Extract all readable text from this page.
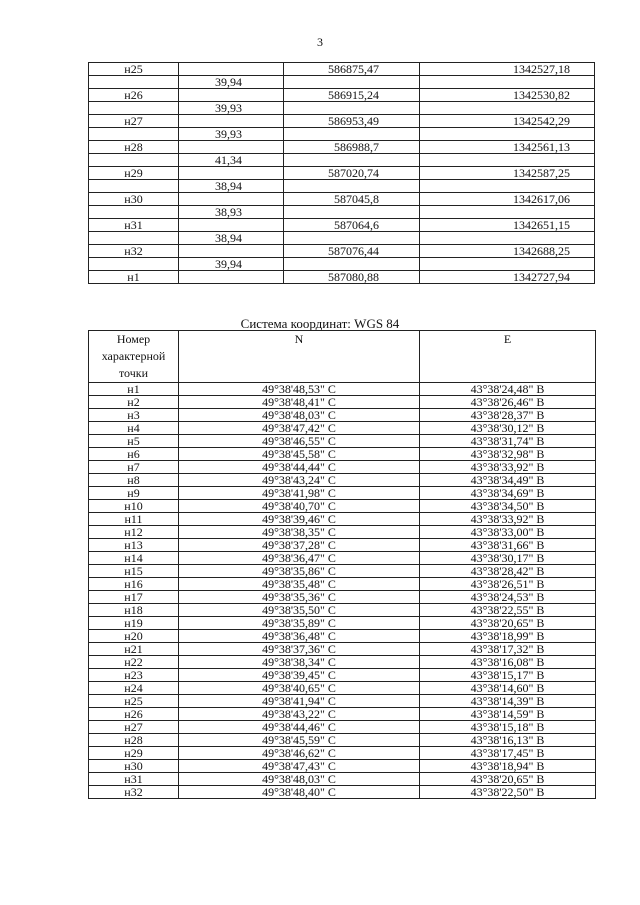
3
н25		586875,47	1342527,18
	39,94		
н26		586915,24	1342530,82
	39,93		
н27		586953,49	1342542,29
	39,93		
н28		586988,7	1342561,13
	41,34		
н29		587020,74	1342587,25
	38,94		
н30		587045,8	1342617,06
	38,93		
н31		587064,6	1342651,15
	38,94		
н32		587076,44	1342688,25
	39,94		
н1		587080,88	1342727,94
Система координат: WGS 84
Номер характерной точки	N	E
н1	49°38'48,53" С	43°38'24,48" В
н2	49°38'48,41" С	43°38'26,46" В
н3	49°38'48,03" С	43°38'28,37" В
н4	49°38'47,42" С	43°38'30,12" В
н5	49°38'46,55" С	43°38'31,74" В
н6	49°38'45,58" С	43°38'32,98" В
н7	49°38'44,44" С	43°38'33,92" В
н8	49°38'43,24" С	43°38'34,49" В
н9	49°38'41,98" С	43°38'34,69" В
н10	49°38'40,70" С	43°38'34,50" В
н11	49°38'39,46" С	43°38'33,92" В
н12	49°38'38,35" С	43°38'33,00" В
н13	49°38'37,28" С	43°38'31,66" В
н14	49°38'36,47" С	43°38'30,17" В
н15	49°38'35,86" С	43°38'28,42" В
н16	49°38'35,48" С	43°38'26,51" В
н17	49°38'35,36" С	43°38'24,53" В
н18	49°38'35,50" С	43°38'22,55" В
н19	49°38'35,89" С	43°38'20,65" В
н20	49°38'36,48" С	43°38'18,99" В
н21	49°38'37,36" С	43°38'17,32" В
н22	49°38'38,34" С	43°38'16,08" В
н23	49°38'39,45" С	43°38'15,17" В
н24	49°38'40,65" С	43°38'14,60" В
н25	49°38'41,94" С	43°38'14,39" В
н26	49°38'43,22" С	43°38'14,59" В
н27	49°38'44,46" С	43°38'15,18" В
н28	49°38'45,59" С	43°38'16,13" В
н29	49°38'46,62" С	43°38'17,45" В
н30	49°38'47,43" С	43°38'18,94" В
н31	49°38'48,03" С	43°38'20,65" В
н32	49°38'48,40" С	43°38'22,50" В
